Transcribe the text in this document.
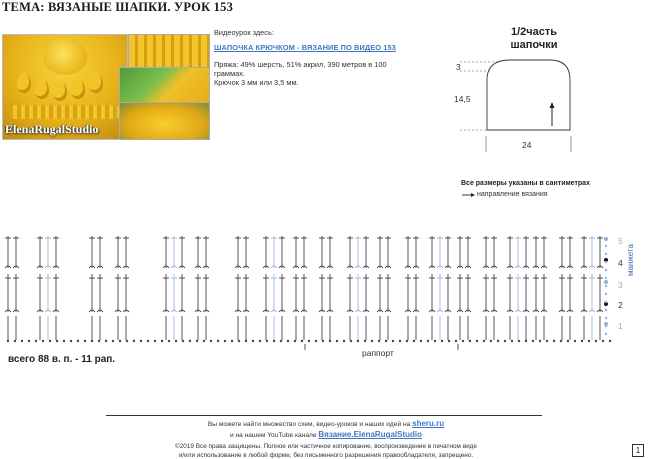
ТЕМА: ВЯЗАНЫЕ ШАПКИ. УРОК 153
ElenaRugalStudio
Видеоурок здесь:
ШАПОЧКА КРЮЧКОМ - ВЯЗАНИЕ ПО ВИДЕО 153
Пряжа: 49% шерсть, 51% акрил, 390 метров в 100 граммах.
Крючок 3 мм или 3,5 мм.
1/2часть
шапочки
3
14,5
24
Все размеры указаны в сантиметрах
направление вязания
всего 88 в. п. - 11 рап.
раппорт
манжета
5
4
3
2
1
Вы можете найти множество схем, видео-уроков и наших идей на sheru.ru
и на нашем YouTube канале Вязание.ElenaRugalStudio
©2019 Все права защищены. Полное или частичное копирование, воспроизведение в печатном виде
и/или использование в любой форме, без письменного разрешения правообладателя, запрещено.
1
